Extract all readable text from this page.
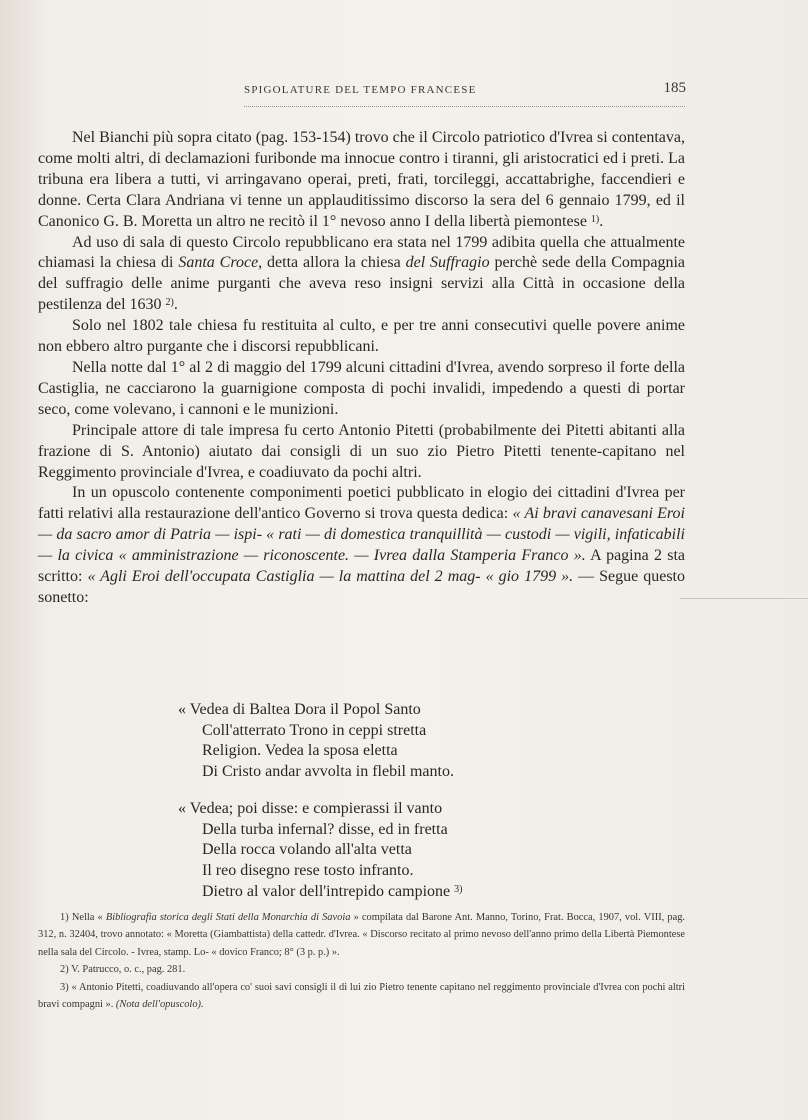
SPIGOLATURE DEL TEMPO FRANCESE	185

Nel Bianchi più sopra citato (pag. 153-154) trovo che il Circolo patriotico d'Ivrea si contentava, come molti altri, di declamazioni furibonde ma innocue contro i tiranni, gli aristocratici ed i preti. La tribuna era libera a tutti, vi arringavano operai, preti, frati, torcileggi, accattabrighe, faccendieri e donne. Certa Clara Andriana vi tenne un applauditissimo discorso la sera del 6 gennaio 1799, ed il Canonico G. B. Moretta un altro ne recitò il 1° nevoso anno I della libertà piemontese $^{1)}$.

Ad uso di sala di questo Circolo repubblicano era stata nel 1799 adibita quella che attualmente chiamasi la chiesa di Santa Croce, detta allora la chiesa del Suffragio perchè sede della Compagnia del suffragio delle anime purganti che aveva reso insigni servizi alla Città in occasione della pestilenza del 1630 $^{2)}$.

Solo nel 1802 tale chiesa fu restituita al culto, e per tre anni consecutivi quelle povere anime non ebbero altro purgante che i discorsi repubblicani.

Nella notte dal 1° al 2 di maggio del 1799 alcuni cittadini d'Ivrea, avendo sorpreso il forte della Castiglia, ne cacciarono la guarnigione composta di pochi invalidi, impedendo a questi di portar seco, come volevano, i cannoni e le munizioni.

Principale attore di tale impresa fu certo Antonio Pitetti (probabilmente dei Pitetti abitanti alla frazione di S. Antonio) aiutato dai consigli di un suo zio Pietro Pitetti tenente-capitano nel Reggimento provinciale d'Ivrea, e coadiuvato da pochi altri.

In un opuscolo contenente componimenti poetici pubblicato in elogio dei cittadini d'Ivrea per fatti relativi alla restaurazione dell'antico Governo si trova questa dedica: « Ai bravi canavesani Eroi — da sacro amor di Patria — ispi- « rati — di domestica tranquillità — custodi — vigili, infaticabili — la civica « amministrazione — riconoscente. — Ivrea dalla Stamperia Franco ». A pagina 2 sta scritto: « Agli Eroi dell'occupata Castiglia — la mattina del 2 mag- « gio 1799 ». — Segue questo sonetto:

« Vedea di Baltea Dora il Popol Santo
Coll'atterrato Trono in ceppi stretta
Religion. Vedea la sposa eletta
Di Cristo andar avvolta in flebil manto.
« Vedea; poi disse: e compierassi il vanto
Della turba infernal? disse, ed in fretta
Della rocca volando all'alta vetta
Il reo disegno rese tosto infranto.
Dietro al valor dell'intrepido campione $^{3)}$

1) Nella « Bibliografia storica degli Stati della Monarchia di Savoia » compilata dal Barone Ant. Manno, Torino, Frat. Bocca, 1907, vol. VIII, pag. 312, n. 32404, trovo annotato: « Moretta (Giambattista) della cattedr. d'Ivrea. « Discorso recitato al primo nevoso dell'anno primo della Libertà Piemontese nella sala del Circolo. - Ivrea, stamp. Lo- « dovico Franco; 8° (3 p. p.) ».

2) V. Patrucco, o. c., pag. 281.

3) « Antonio Pitetti, coadiuvando all'opera co' suoi savi consigli il di lui zio Pietro tenente capitano nel reggimento provinciale d'Ivrea con pochi altri bravi compagni ». (Nota dell'opuscolo).
